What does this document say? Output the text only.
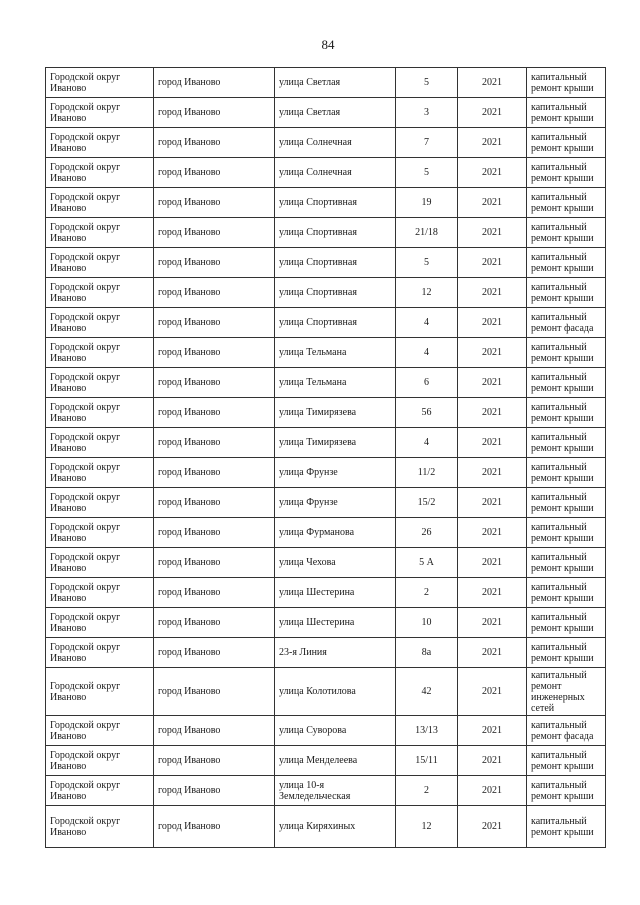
84
Городской округ Иваново	город Иваново	улица Светлая	5	2021	капитальный ремонт крыши
Городской округ Иваново	город Иваново	улица Светлая	3	2021	капитальный ремонт крыши
Городской округ Иваново	город Иваново	улица Солнечная	7	2021	капитальный ремонт крыши
Городской округ Иваново	город Иваново	улица Солнечная	5	2021	капитальный ремонт крыши
Городской округ Иваново	город Иваново	улица Спортивная	19	2021	капитальный ремонт крыши
Городской округ Иваново	город Иваново	улица Спортивная	21/18	2021	капитальный ремонт крыши
Городской округ Иваново	город Иваново	улица Спортивная	5	2021	капитальный ремонт крыши
Городской округ Иваново	город Иваново	улица Спортивная	12	2021	капитальный ремонт крыши
Городской округ Иваново	город Иваново	улица Спортивная	4	2021	капитальный ремонт фасада
Городской округ Иваново	город Иваново	улица Тельмана	4	2021	капитальный ремонт крыши
Городской округ Иваново	город Иваново	улица Тельмана	6	2021	капитальный ремонт крыши
Городской округ Иваново	город Иваново	улица Тимирязева	56	2021	капитальный ремонт крыши
Городской округ Иваново	город Иваново	улица Тимирязева	4	2021	капитальный ремонт крыши
Городской округ Иваново	город Иваново	улица Фрунзе	11/2	2021	капитальный ремонт крыши
Городской округ Иваново	город Иваново	улица Фрунзе	15/2	2021	капитальный ремонт крыши
Городской округ Иваново	город Иваново	улица Фурманова	26	2021	капитальный ремонт крыши
Городской округ Иваново	город Иваново	улица Чехова	5 А	2021	капитальный ремонт крыши
Городской округ Иваново	город Иваново	улица Шестерина	2	2021	капитальный ремонт крыши
Городской округ Иваново	город Иваново	улица Шестерина	10	2021	капитальный ремонт крыши
Городской округ Иваново	город Иваново	23-я Линия	8а	2021	капитальный ремонт крыши
Городской округ Иваново	город Иваново	улица Колотилова	42	2021	капитальный ремонт инженерных сетей
Городской округ Иваново	город Иваново	улица Суворова	13/13	2021	капитальный ремонт фасада
Городской округ Иваново	город Иваново	улица Менделеева	15/11	2021	капитальный ремонт крыши
Городской округ Иваново	город Иваново	улица 10-я Земледельческая	2	2021	капитальный ремонт крыши
Городской округ Иваново	город Иваново	улица Киряхиных	12	2021	капитальный ремонт крыши
